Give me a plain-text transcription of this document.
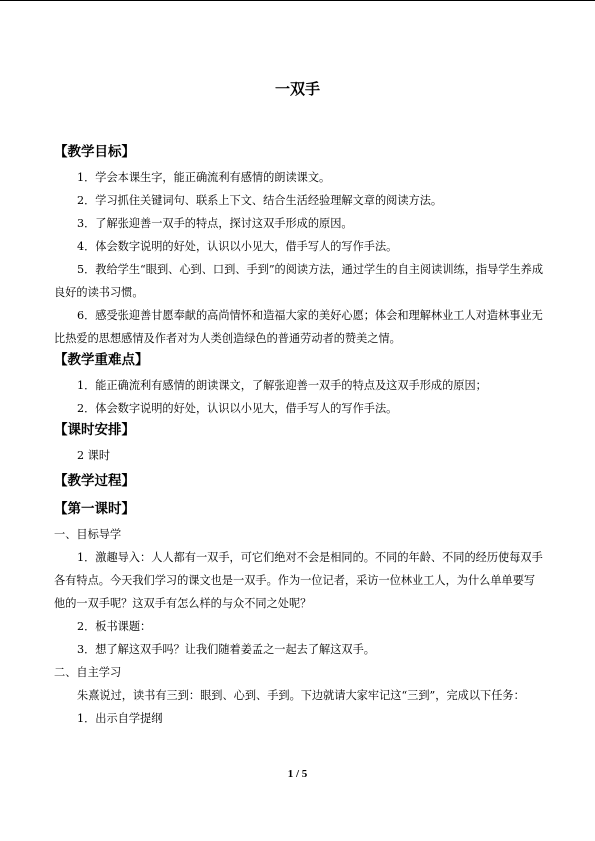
一双手

【教学目标】

1．学会本课生字，能正确流利有感情的朗读课文。

2．学习抓住关键词句、联系上下文、结合生活经验理解文章的阅读方法。

3．了解张迎善一双手的特点，探讨这双手形成的原因。

4．体会数字说明的好处，认识以小见大，借手写人的写作手法。

5．教给学生“眼到、心到、口到、手到”的阅读方法，通过学生的自主阅读训练，指导学生养成良好的读书习惯。

6．感受张迎善甘愿奉献的高尚情怀和造福大家的美好心愿；体会和理解林业工人对造林事业无比热爱的思想感情及作者对为人类创造绿色的普通劳动者的赞美之情。

【教学重难点】

1．能正确流利有感情的朗读课文，了解张迎善一双手的特点及这双手形成的原因；

2．体会数字说明的好处，认识以小见大，借手写人的写作手法。

【课时安排】

2 课时

【教学过程】

【第一课时】

一、目标导学

1．激趣导入：人人都有一双手，可它们绝对不会是相同的。不同的年龄、不同的经历使每双手各有特点。今天我们学习的课文也是一双手。作为一位记者，采访一位林业工人，为什么单单要写他的一双手呢？这双手有怎么样的与众不同之处呢？

2．板书课题：

3．想了解这双手吗？让我们随着姜孟之一起去了解这双手。

二、自主学习

朱熹说过，读书有三到：眼到、心到、手到。下边就请大家牢记这“三到”，完成以下任务：

1．出示自学提纲

1 / 5
